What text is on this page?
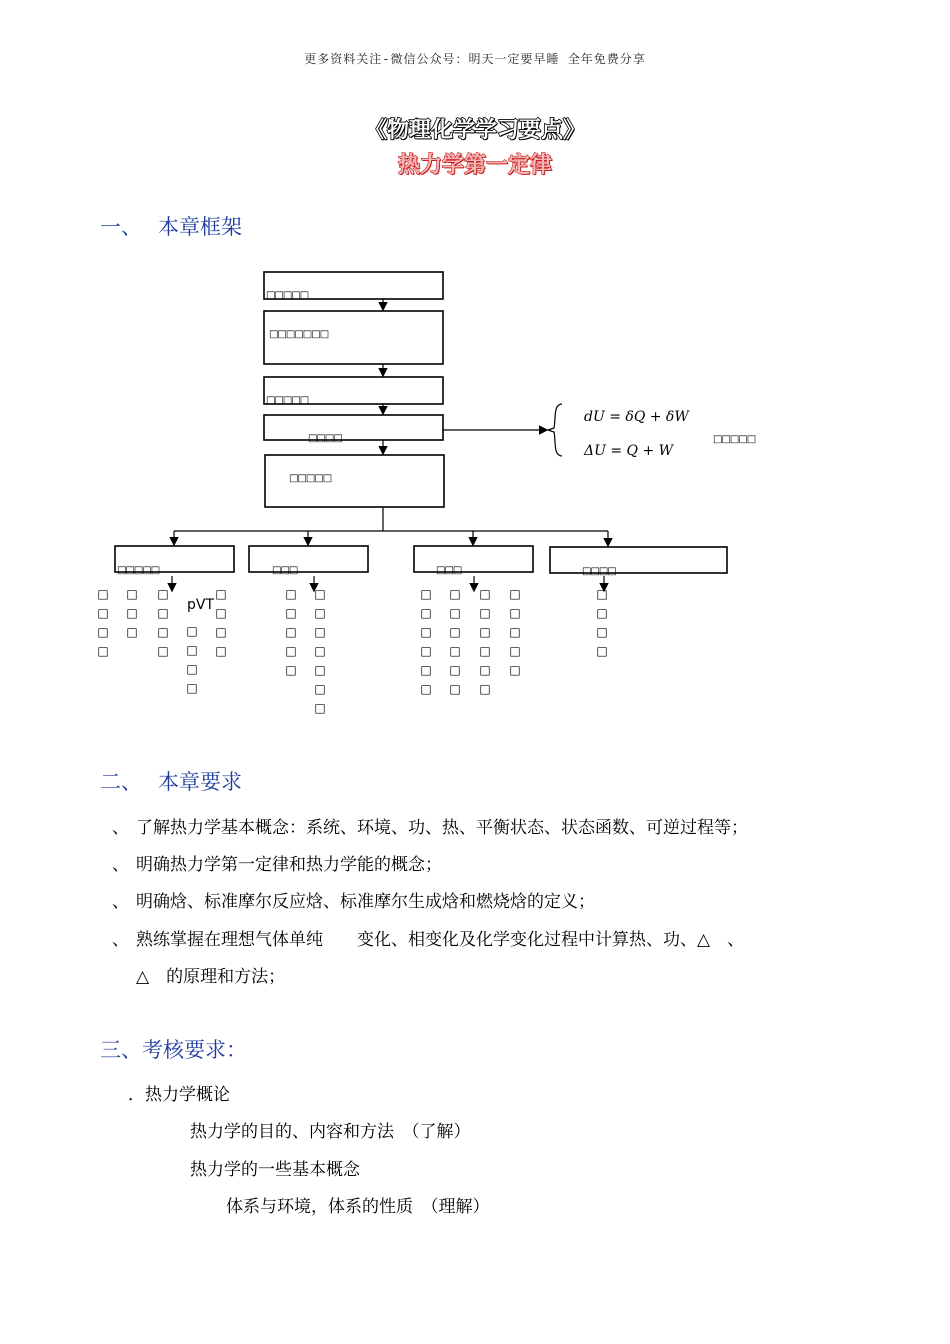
更多资料关注-微信公众号：明天一定要早睡 全年免费分享
《物理化学学习要点》
热力学第一定律
一、 本章框架
□□□□□
□□□□□□□
□□□□□
□□□□
□□□□□
□□□□□	□□□	□□□	□□□□
dU = δQ + δW
ΔU = Q + W
□□□□□
□
□
□
□
□
□
□
□
□
□
□
pVT
□
□
□
□
□
□
□
□
□
□
□
□
□
□
□
□
□
□
□
□
□
□
□
□
□
□
□
□
□
□
□
□
□
□
□
□
□
□
□
□
□
□
□
□
□
□
□
二、 本章要求
、 了解热力学基本概念：系统、环境、功、热、平衡状态、状态函数、可逆过程等；
、 明确热力学第一定律和热力学能的概念；
、 明确焓、标准摩尔反应焓、标准摩尔生成焓和燃烧焓的定义；
、 熟练掌握在理想气体单纯　　变化、相变化及化学变化过程中计算热、功、△　、
△　的原理和方法；
三、考核要求：
．热力学概论
热力学的目的、内容和方法　（了解）
热力学的一些基本概念
体系与环境，体系的性质　（理解）
